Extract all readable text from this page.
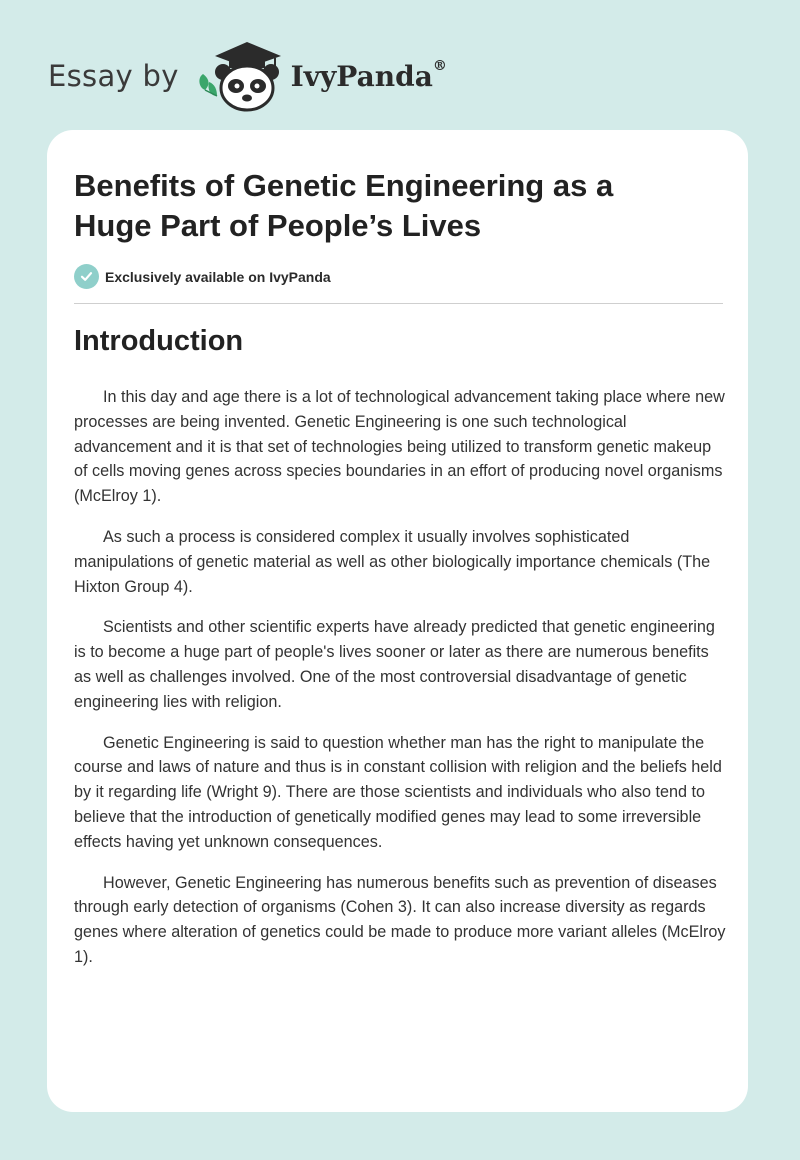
Essay by	IvyPanda®
Benefits of Genetic Engineering as a Huge Part of People’s Lives
Exclusively available on IvyPanda
Introduction

In this day and age there is a lot of technological advancement taking place where new processes are being invented. Genetic Engineering is one such technological advancement and it is that set of technologies being utilized to transform genetic makeup of cells moving genes across species boundaries in an effort of producing novel organisms (McElroy 1).

As such a process is considered complex it usually involves sophisticated manipulations of genetic material as well as other biologically importance chemicals (The Hixton Group 4).

Scientists and other scientific experts have already predicted that genetic engineering is to become a huge part of people's lives sooner or later as there are numerous benefits as well as challenges involved. One of the most controversial disadvantage of genetic engineering lies with religion.

Genetic Engineering is said to question whether man has the right to manipulate the course and laws of nature and thus is in constant collision with religion and the beliefs held by it regarding life (Wright 9). There are those scientists and individuals who also tend to believe that the introduction of genetically modified genes may lead to some irreversible effects having yet unknown consequences.

However, Genetic Engineering has numerous benefits such as prevention of diseases through early detection of organisms (Cohen 3). It can also increase diversity as regards genes where alteration of genetics could be made to produce more variant alleles (McElroy 1).
